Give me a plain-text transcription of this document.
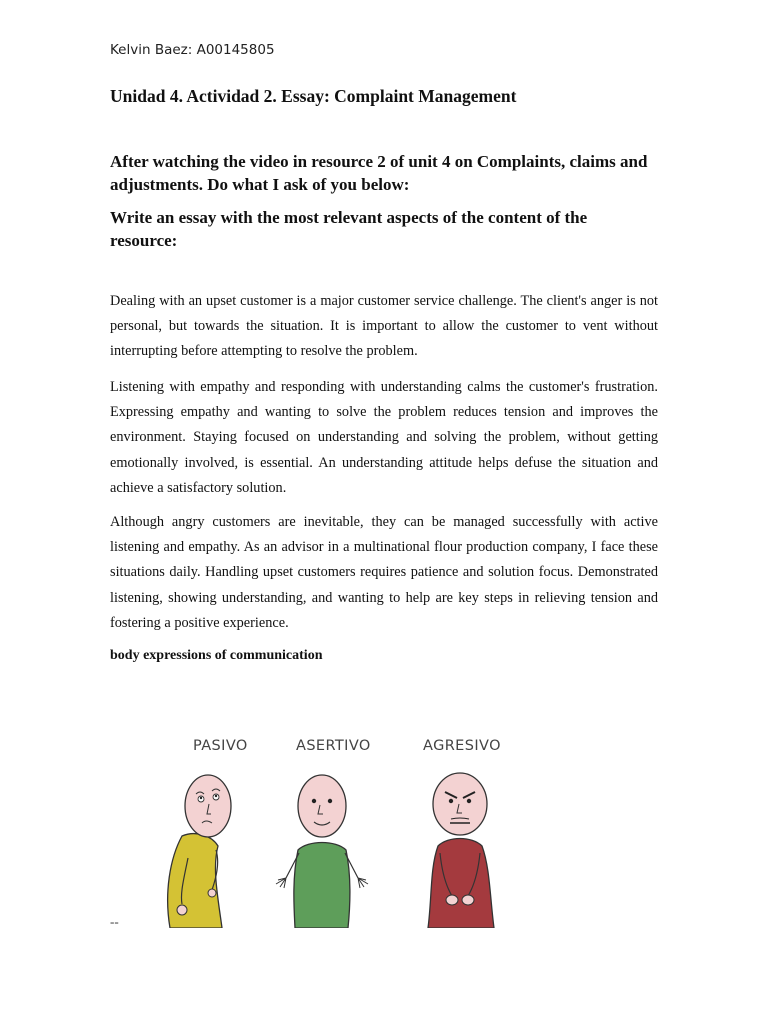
Kelvin Baez: A00145805
Unidad 4. Actividad 2. Essay: Complaint Management
After watching the video in resource 2 of unit 4 on Complaints, claims and adjustments. Do what I ask of you below:
Write an essay with the most relevant aspects of the content of the resource:

Dealing with an upset customer is a major customer service challenge. The client's anger is not personal, but towards the situation. It is important to allow the customer to vent without interrupting before attempting to resolve the problem.

Listening with empathy and responding with understanding calms the customer's frustration. Expressing empathy and wanting to solve the problem reduces tension and improves the environment. Staying focused on understanding and solving the problem, without getting emotionally involved, is essential. An understanding attitude helps defuse the situation and achieve a satisfactory solution.

Although angry customers are inevitable, they can be managed successfully with active listening and empathy. As an advisor in a multinational flour production company, I face these situations daily. Handling upset customers requires patience and solution focus. Demonstrated listening, showing understanding, and wanting to help are key steps in relieving tension and fostering a positive experience.

body expressions of communication
PASIVO	ASERTIVO	AGRESIVO
--
